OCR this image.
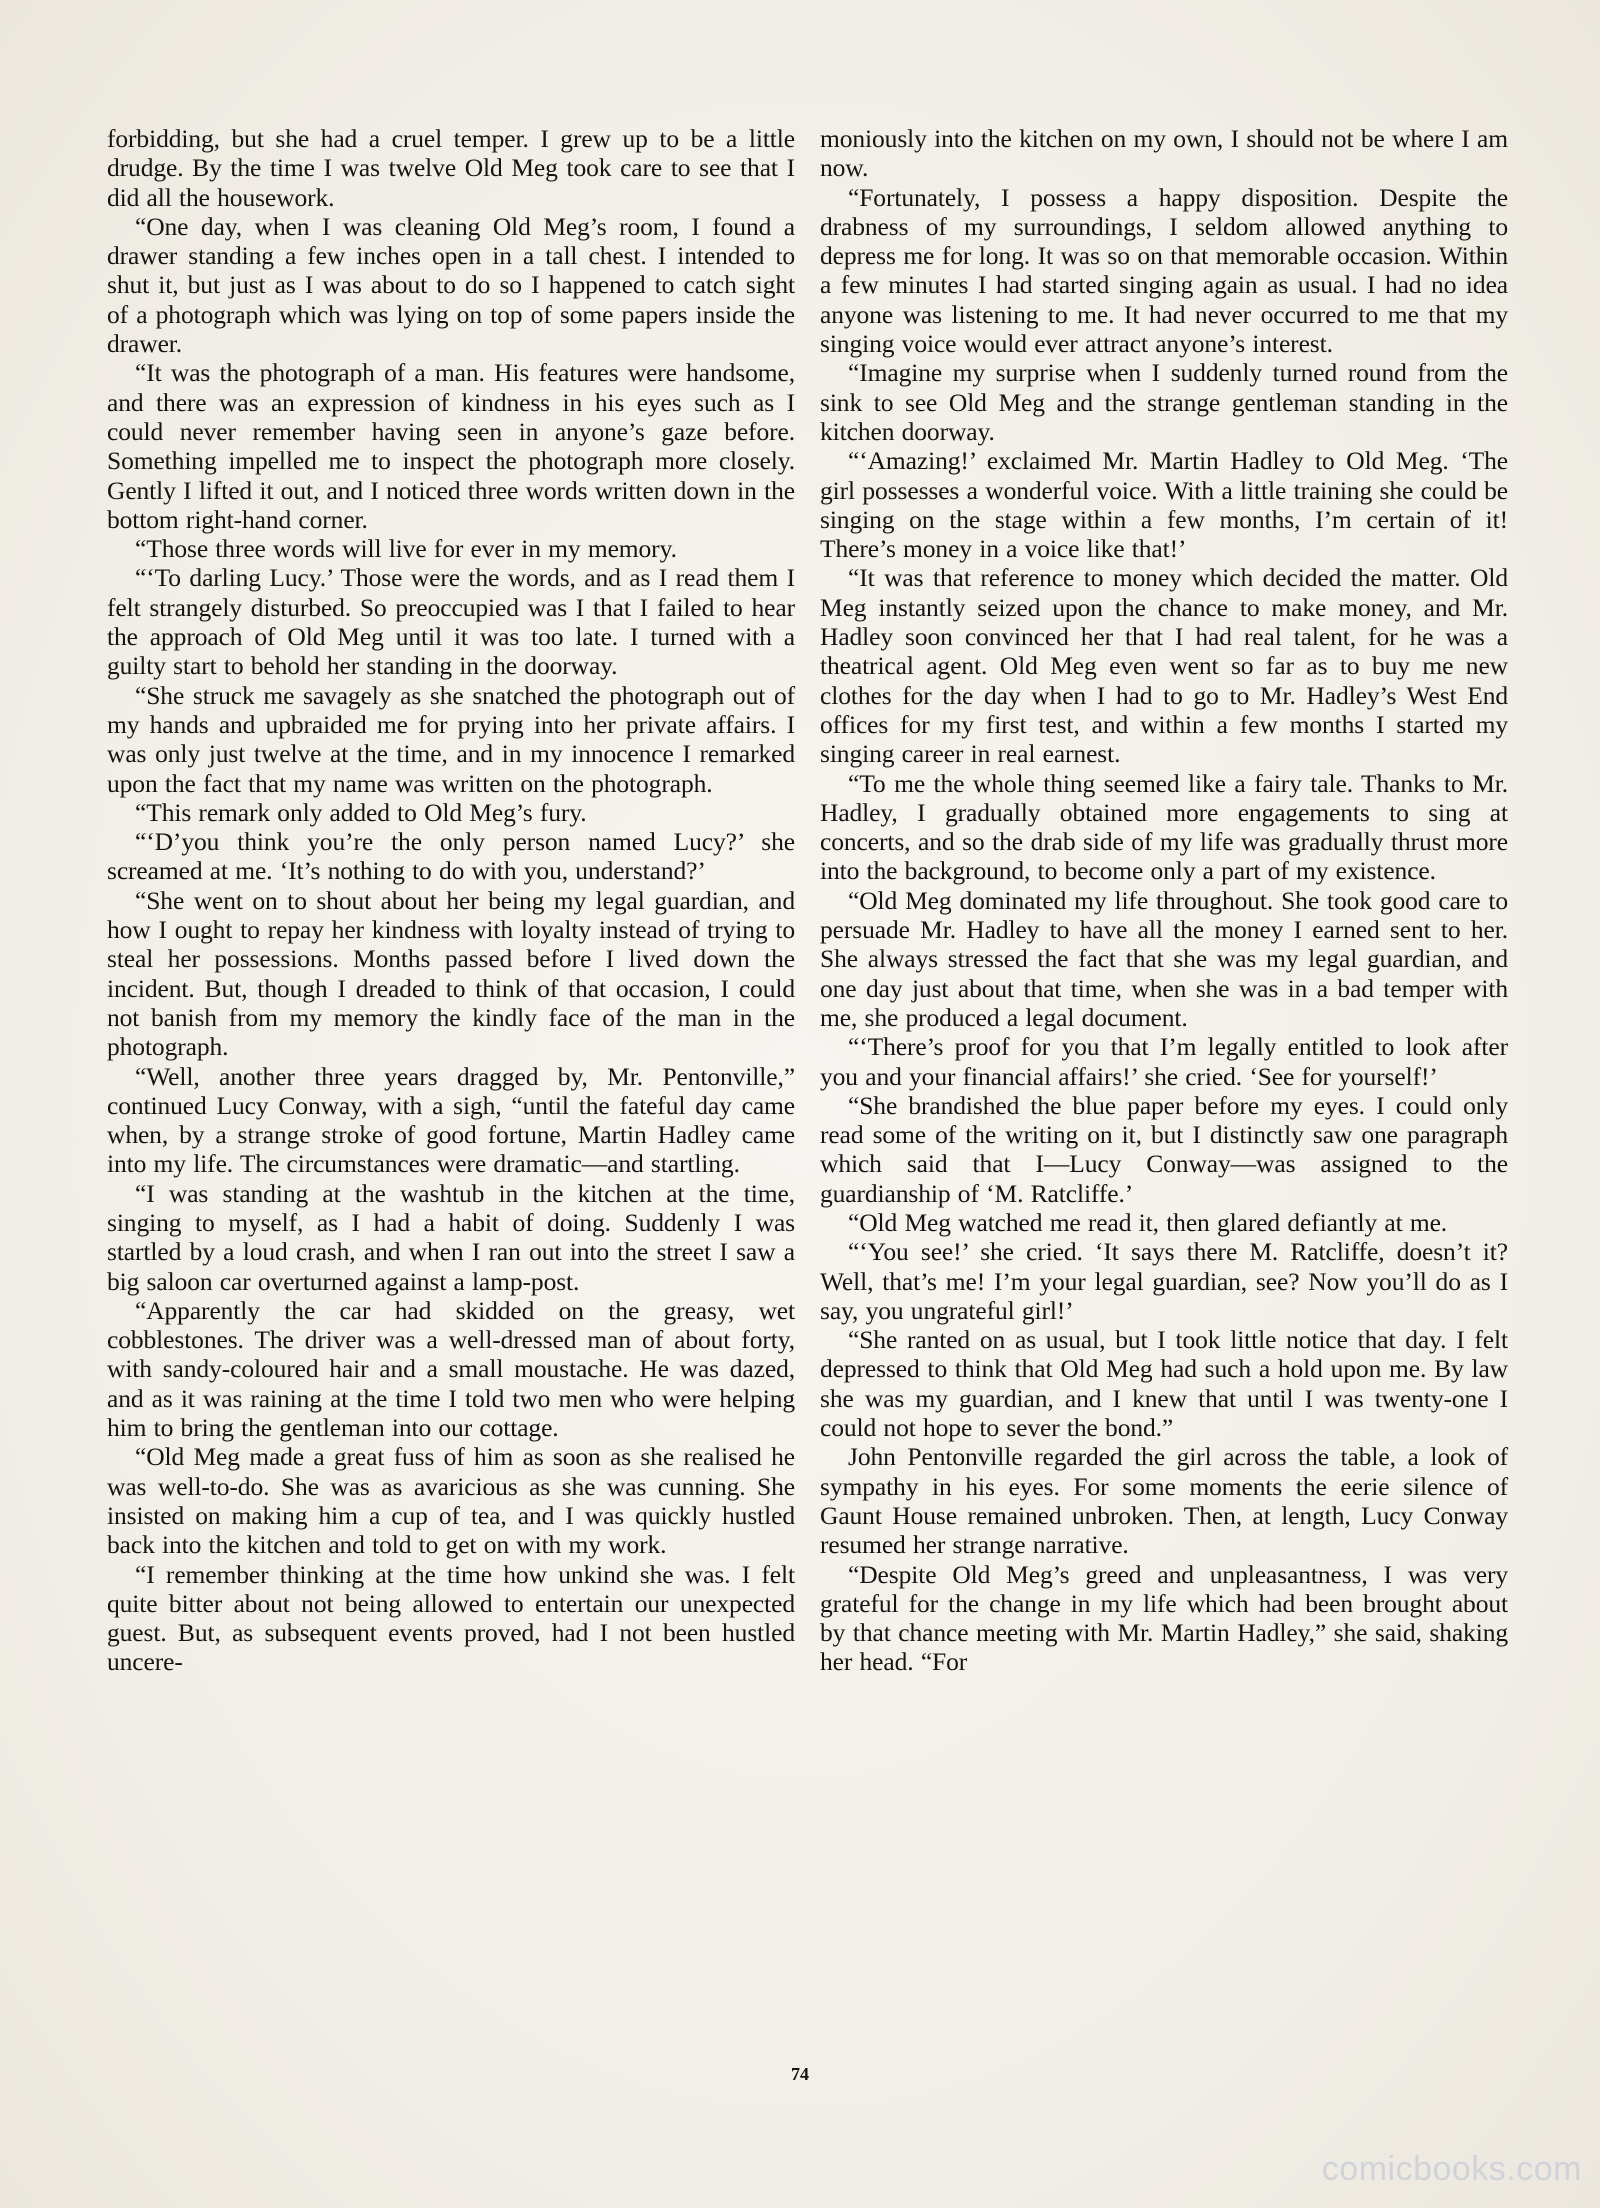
forbidding, but she had a cruel temper. I grew up to be a little drudge. By the time I was twelve Old Meg took care to see that I did all the housework.

“One day, when I was cleaning Old Meg’s room, I found a drawer standing a few inches open in a tall chest. I intended to shut it, but just as I was about to do so I happened to catch sight of a photograph which was lying on top of some papers inside the drawer.

“It was the photograph of a man. His features were handsome, and there was an expression of kindness in his eyes such as I could never remember having seen in anyone’s gaze before. Something impelled me to inspect the photograph more closely. Gently I lifted it out, and I noticed three words written down in the bottom right-hand corner.

“Those three words will live for ever in my memory.

“‘To darling Lucy.’ Those were the words, and as I read them I felt strangely disturbed. So preoccupied was I that I failed to hear the approach of Old Meg until it was too late. I turned with a guilty start to behold her standing in the doorway.

“She struck me savagely as she snatched the photograph out of my hands and upbraided me for prying into her private affairs. I was only just twelve at the time, and in my innocence I remarked upon the fact that my name was written on the photograph.

“This remark only added to Old Meg’s fury.

“‘D’you think you’re the only person named Lucy?’ she screamed at me. ‘It’s nothing to do with you, understand?’

“She went on to shout about her being my legal guardian, and how I ought to repay her kindness with loyalty instead of trying to steal her possessions. Months passed before I lived down the incident. But, though I dreaded to think of that occasion, I could not banish from my memory the kindly face of the man in the photograph.

“Well, another three years dragged by, Mr. Pentonville,” continued Lucy Conway, with a sigh, “until the fateful day came when, by a strange stroke of good fortune, Martin Hadley came into my life. The circumstances were dramatic—and startling.

“I was standing at the washtub in the kitchen at the time, singing to myself, as I had a habit of doing. Suddenly I was startled by a loud crash, and when I ran out into the street I saw a big saloon car overturned against a lamp-post.

“Apparently the car had skidded on the greasy, wet cobblestones. The driver was a well-dressed man of about forty, with sandy-coloured hair and a small moustache. He was dazed, and as it was raining at the time I told two men who were helping him to bring the gentleman into our cottage.

“Old Meg made a great fuss of him as soon as she realised he was well-to-do. She was as avaricious as she was cunning. She insisted on making him a cup of tea, and I was quickly hustled back into the kitchen and told to get on with my work.

“I remember thinking at the time how unkind she was. I felt quite bitter about not being allowed to entertain our unexpected guest. But, as subsequent events proved, had I not been hustled uncere-

moniously into the kitchen on my own, I should not be where I am now.

“Fortunately, I possess a happy disposition. Despite the drabness of my surroundings, I seldom allowed anything to depress me for long. It was so on that memorable occasion. Within a few minutes I had started singing again as usual. I had no idea anyone was listening to me. It had never occurred to me that my singing voice would ever attract anyone’s interest.

“Imagine my surprise when I suddenly turned round from the sink to see Old Meg and the strange gentleman standing in the kitchen doorway.

“‘Amazing!’ exclaimed Mr. Martin Hadley to Old Meg. ‘The girl possesses a wonderful voice. With a little training she could be singing on the stage within a few months, I’m certain of it! There’s money in a voice like that!’

“It was that reference to money which decided the matter. Old Meg instantly seized upon the chance to make money, and Mr. Hadley soon convinced her that I had real talent, for he was a theatrical agent. Old Meg even went so far as to buy me new clothes for the day when I had to go to Mr. Hadley’s West End offices for my first test, and within a few months I started my singing career in real earnest.

“To me the whole thing seemed like a fairy tale. Thanks to Mr. Hadley, I gradually obtained more engagements to sing at concerts, and so the drab side of my life was gradually thrust more into the background, to become only a part of my existence.

“Old Meg dominated my life throughout. She took good care to persuade Mr. Hadley to have all the money I earned sent to her. She always stressed the fact that she was my legal guardian, and one day just about that time, when she was in a bad temper with me, she produced a legal document.

“‘There’s proof for you that I’m legally entitled to look after you and your financial affairs!’ she cried. ‘See for yourself!’

“She brandished the blue paper before my eyes. I could only read some of the writing on it, but I distinctly saw one paragraph which said that I—Lucy Conway—was assigned to the guardianship of ‘M. Ratcliffe.’

“Old Meg watched me read it, then glared defiantly at me.

“‘You see!’ she cried. ‘It says there M. Ratcliffe, doesn’t it? Well, that’s me! I’m your legal guardian, see? Now you’ll do as I say, you ungrateful girl!’

“She ranted on as usual, but I took little notice that day. I felt depressed to think that Old Meg had such a hold upon me. By law she was my guardian, and I knew that until I was twenty-one I could not hope to sever the bond.”

John Pentonville regarded the girl across the table, a look of sympathy in his eyes. For some moments the eerie silence of Gaunt House remained unbroken. Then, at length, Lucy Conway resumed her strange narrative.

“Despite Old Meg’s greed and unpleasantness, I was very grateful for the change in my life which had been brought about by that chance meeting with Mr. Martin Hadley,” she said, shaking her head. “For

74
comicbooks.com
